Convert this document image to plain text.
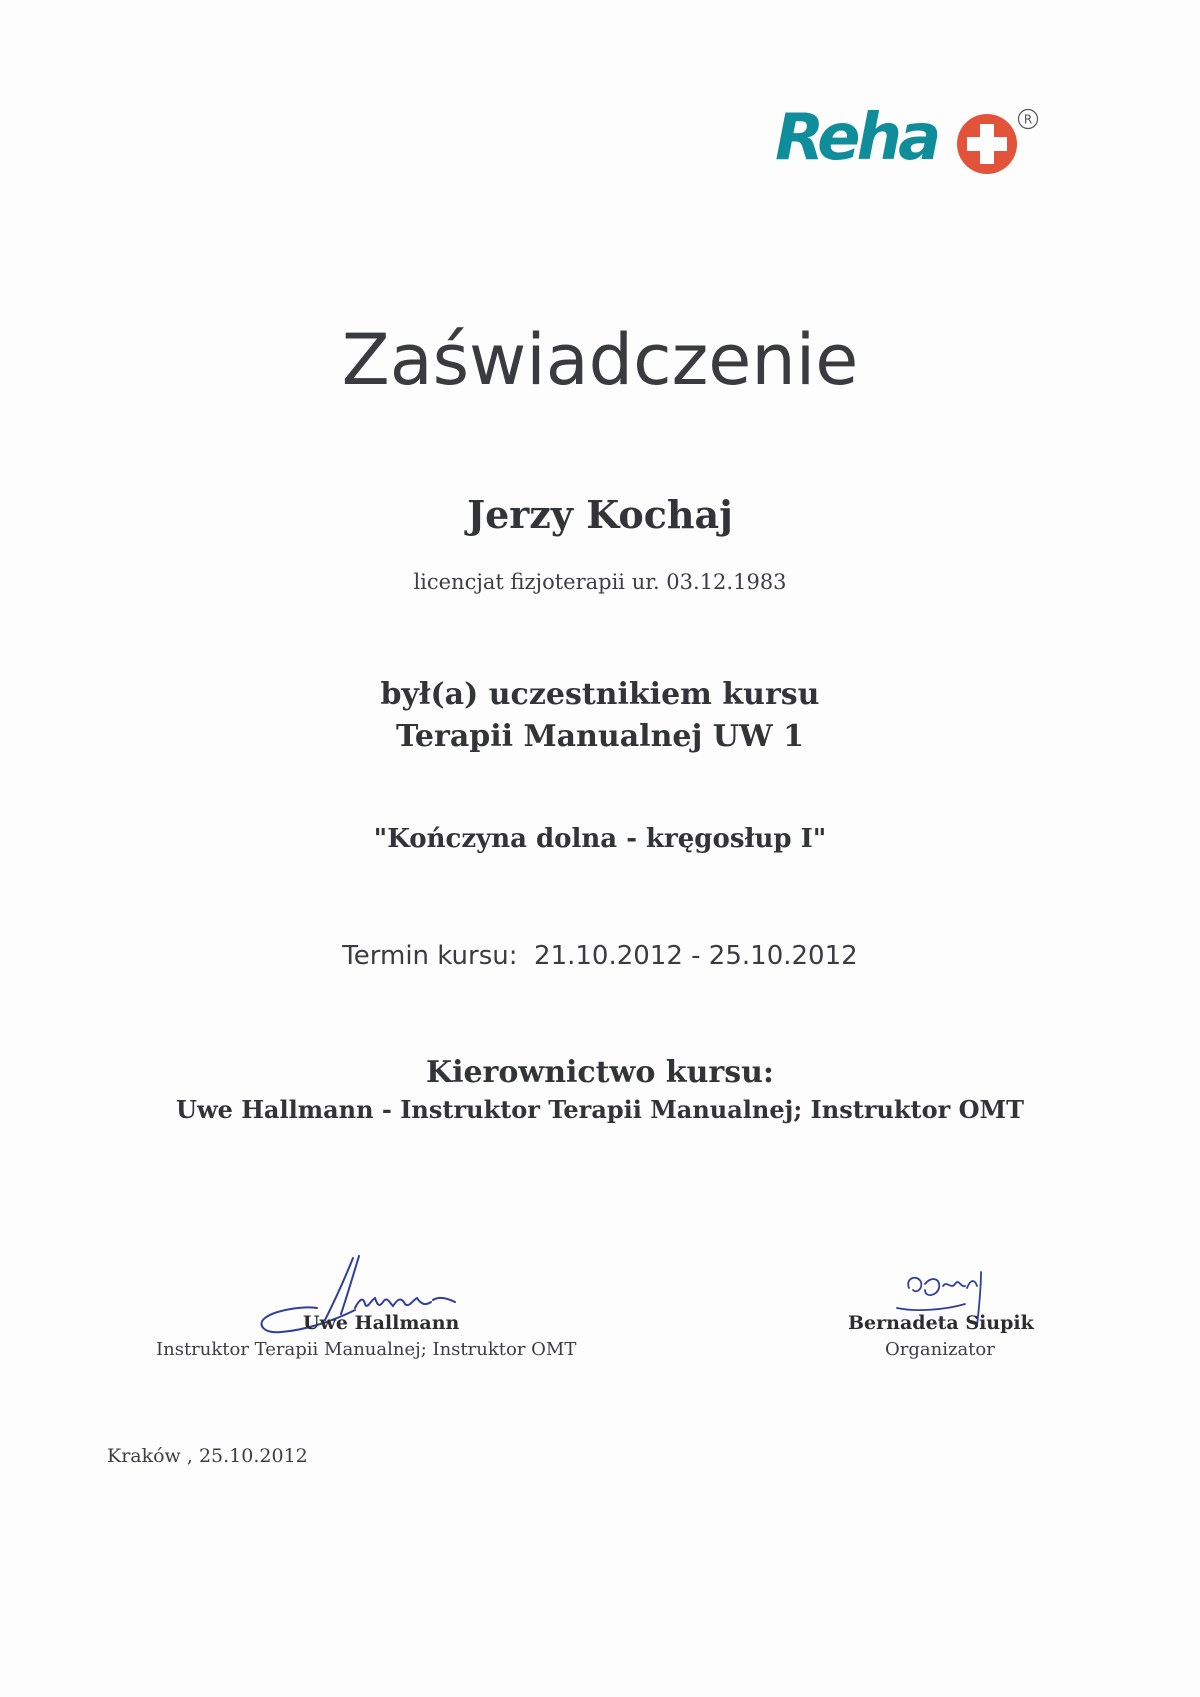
Reha	R
Zaświadczenie
Jerzy Kochaj
licencjat fizjoterapii ur. 03.12.1983
był(a) uczestnikiem kursu
Terapii Manualnej UW 1
"Kończyna dolna - kręgosłup I"
Termin kursu: 21.10.2012 - 25.10.2012
Kierownictwo kursu:
Uwe Hallmann - Instruktor Terapii Manualnej; Instruktor OMT
Uwe Hallmann
Instruktor Terapii Manualnej; Instruktor OMT
Bernadeta Siupik
Organizator
Kraków , 25.10.2012
